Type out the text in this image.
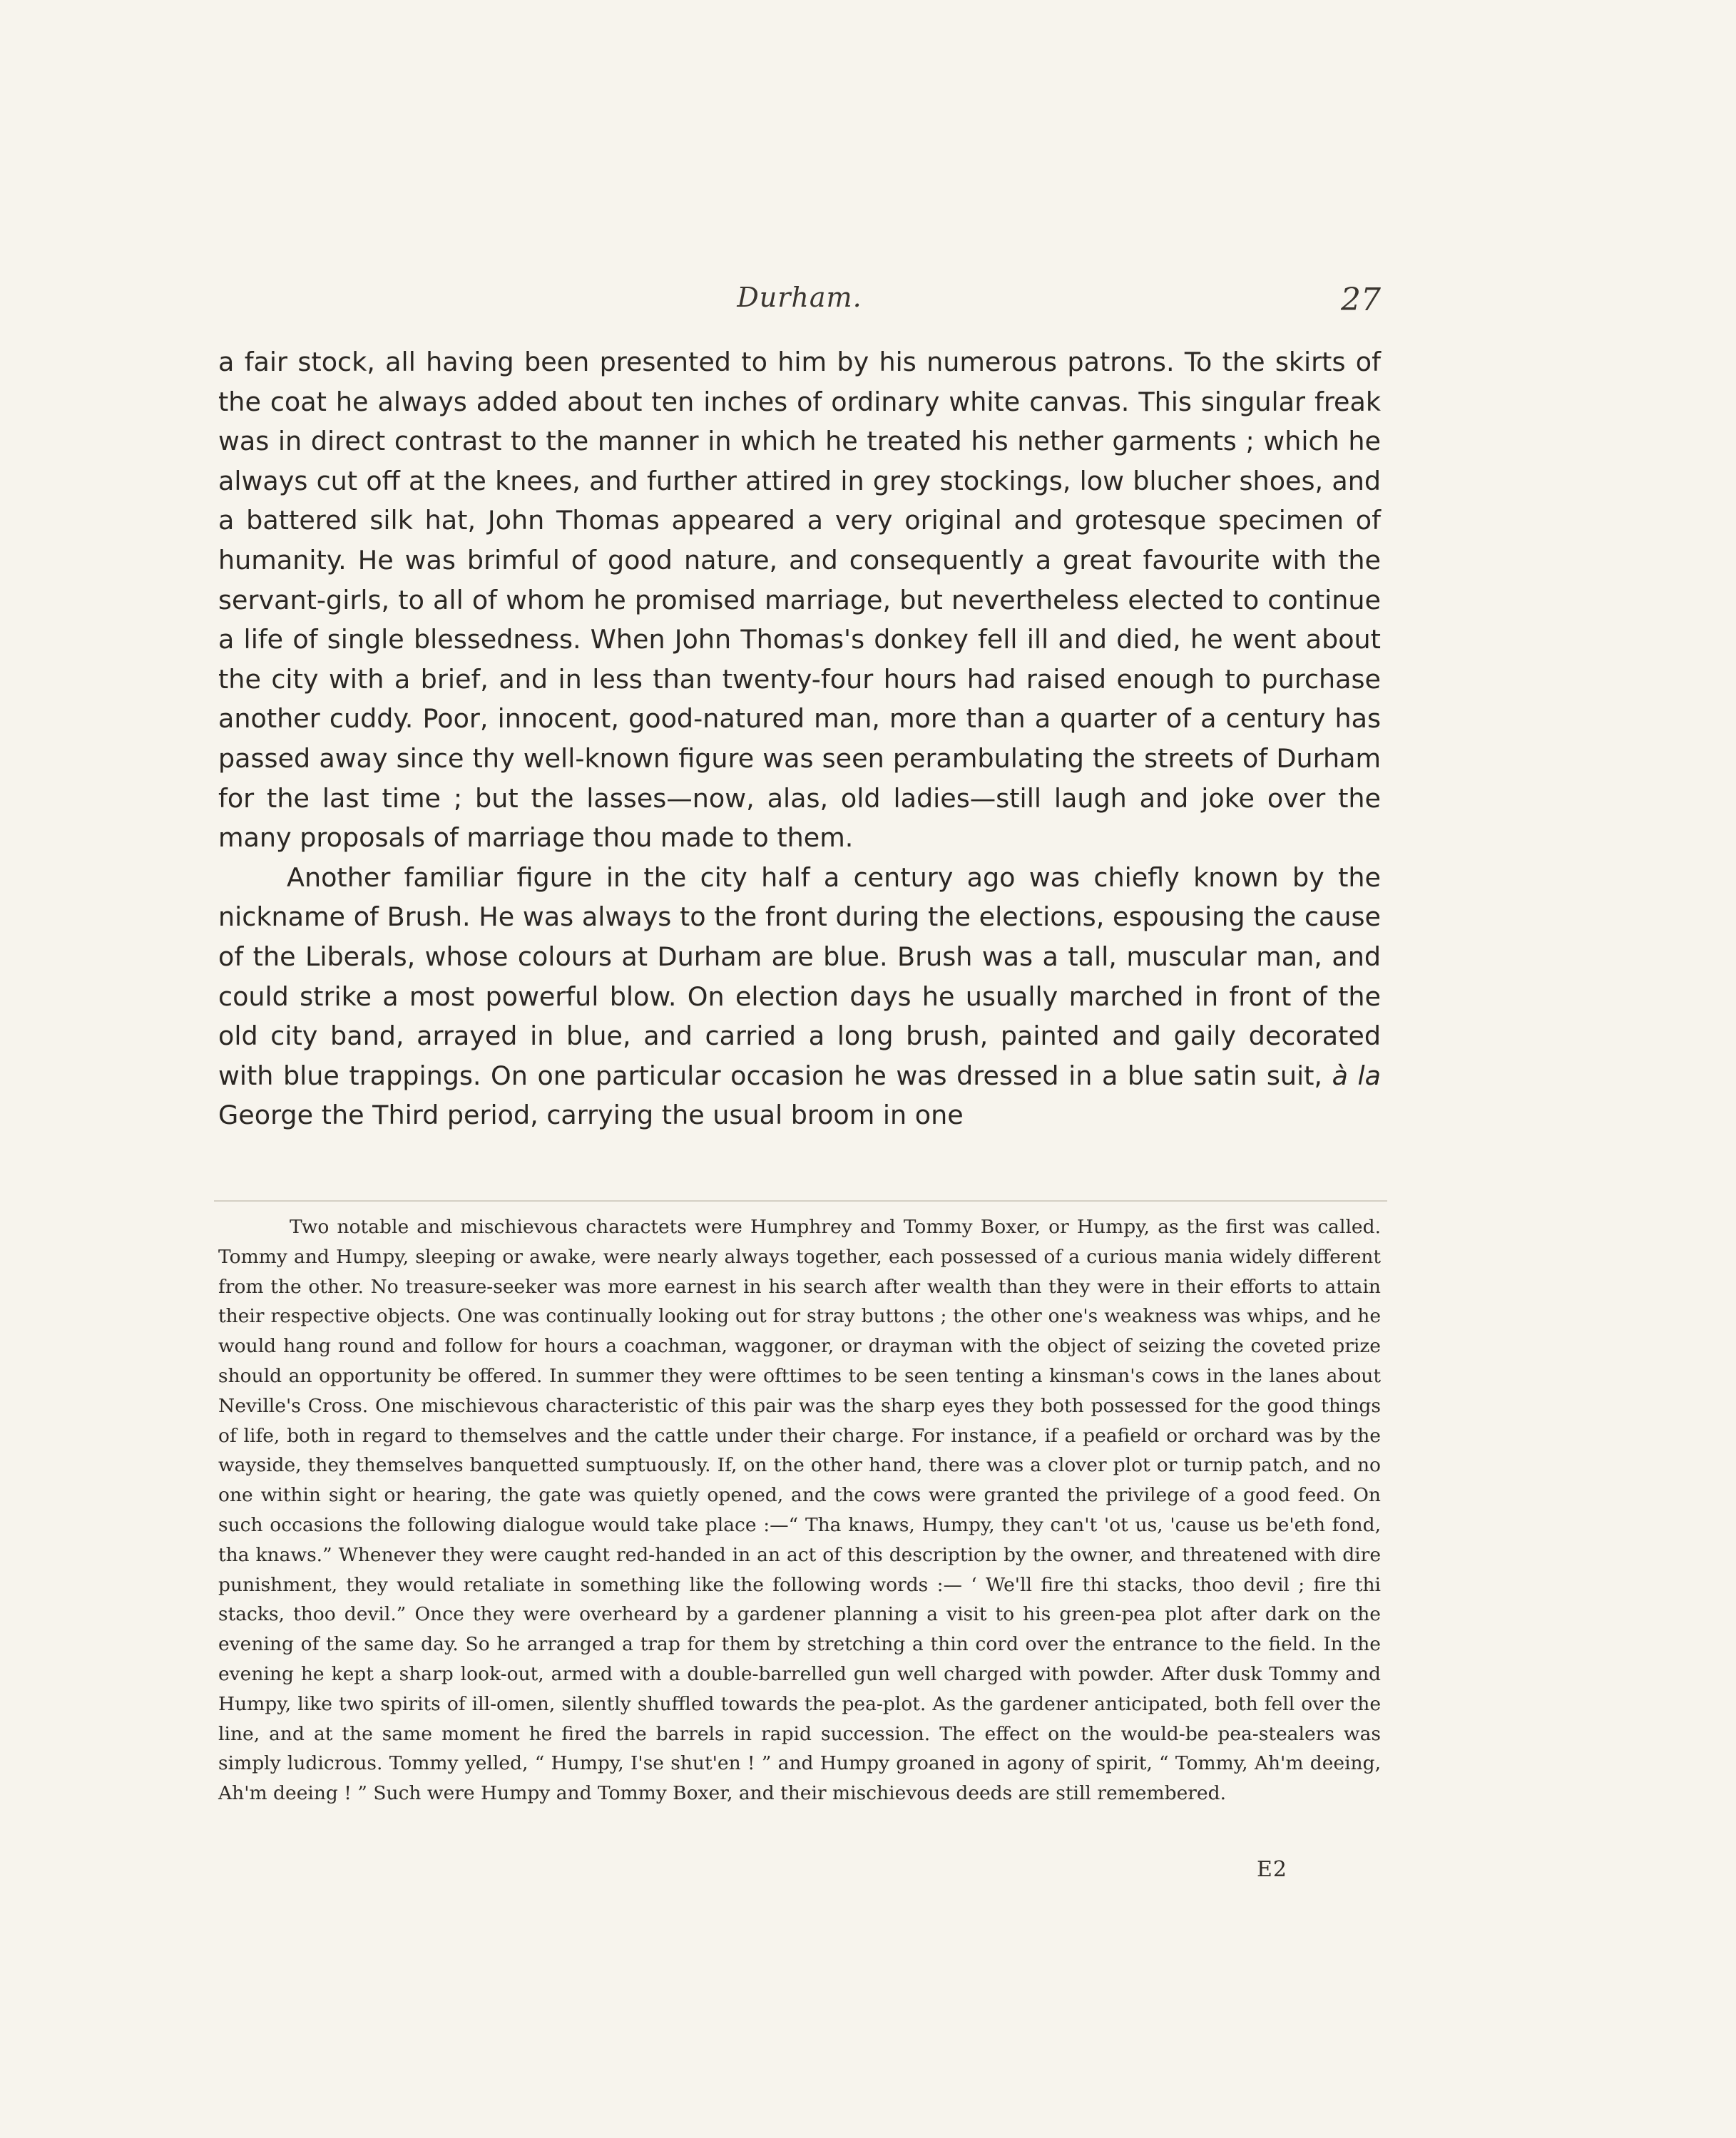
Durham.	27

a fair stock, all having been presented to him by his numerous patrons. To the skirts of the coat he always added about ten inches of ordinary white canvas. This singular freak was in direct contrast to the manner in which he treated his nether garments ; which he always cut off at the knees, and further attired in grey stockings, low blucher shoes, and a battered silk hat, John Thomas appeared a very original and grotesque specimen of humanity. He was brimful of good nature, and consequently a great favourite with the servant-girls, to all of whom he promised marriage, but nevertheless elected to continue a life of single blessedness. When John Thomas's donkey fell ill and died, he went about the city with a brief, and in less than twenty-four hours had raised enough to purchase another cuddy. Poor, innocent, good-natured man, more than a quarter of a century has passed away since thy well-known figure was seen perambulating the streets of Durham for the last time ; but the lasses—now, alas, old ladies—still laugh and joke over the many proposals of marriage thou made to them.

Another familiar figure in the city half a century ago was chiefly known by the nickname of Brush. He was always to the front during the elections, espousing the cause of the Liberals, whose colours at Durham are blue. Brush was a tall, muscular man, and could strike a most powerful blow. On election days he usually marched in front of the old city band, arrayed in blue, and carried a long brush, painted and gaily decorated with blue trappings. On one particular occasion he was dressed in a blue satin suit, à la George the Third period, carrying the usual broom in one

Two notable and mischievous charactets were Humphrey and Tommy Boxer, or Humpy, as the first was called. Tommy and Humpy, sleeping or awake, were nearly always together, each possessed of a curious mania widely different from the other. No treasure-seeker was more earnest in his search after wealth than they were in their efforts to attain their respective objects. One was continually looking out for stray buttons ; the other one's weakness was whips, and he would hang round and follow for hours a coachman, waggoner, or drayman with the object of seizing the coveted prize should an opportunity be offered. In summer they were ofttimes to be seen tenting a kinsman's cows in the lanes about Neville's Cross. One mischievous characteristic of this pair was the sharp eyes they both possessed for the good things of life, both in regard to themselves and the cattle under their charge. For instance, if a peafield or orchard was by the wayside, they themselves banquetted sumptuously. If, on the other hand, there was a clover plot or turnip patch, and no one within sight or hearing, the gate was quietly opened, and the cows were granted the privilege of a good feed. On such occasions the following dialogue would take place :—“ Tha knaws, Humpy, they can't 'ot us, 'cause us be'eth fond, tha knaws.” Whenever they were caught red-handed in an act of this description by the owner, and threatened with dire punishment, they would retaliate in something like the following words :— ‘ We'll fire thi stacks, thoo devil ; fire thi stacks, thoo devil.” Once they were overheard by a gardener planning a visit to his green-pea plot after dark on the evening of the same day. So he arranged a trap for them by stretching a thin cord over the entrance to the field. In the evening he kept a sharp look-out, armed with a double-barrelled gun well charged with powder. After dusk Tommy and Humpy, like two spirits of ill-omen, silently shuffled towards the pea-plot. As the gardener anticipated, both fell over the line, and at the same moment he fired the barrels in rapid succession. The effect on the would-be pea-stealers was simply ludicrous. Tommy yelled, “ Humpy, I'se shut'en ! ” and Humpy groaned in agony of spirit, “ Tommy, Ah'm deeing, Ah'm deeing ! ” Such were Humpy and Tommy Boxer, and their mischievous deeds are still remembered.

E2
